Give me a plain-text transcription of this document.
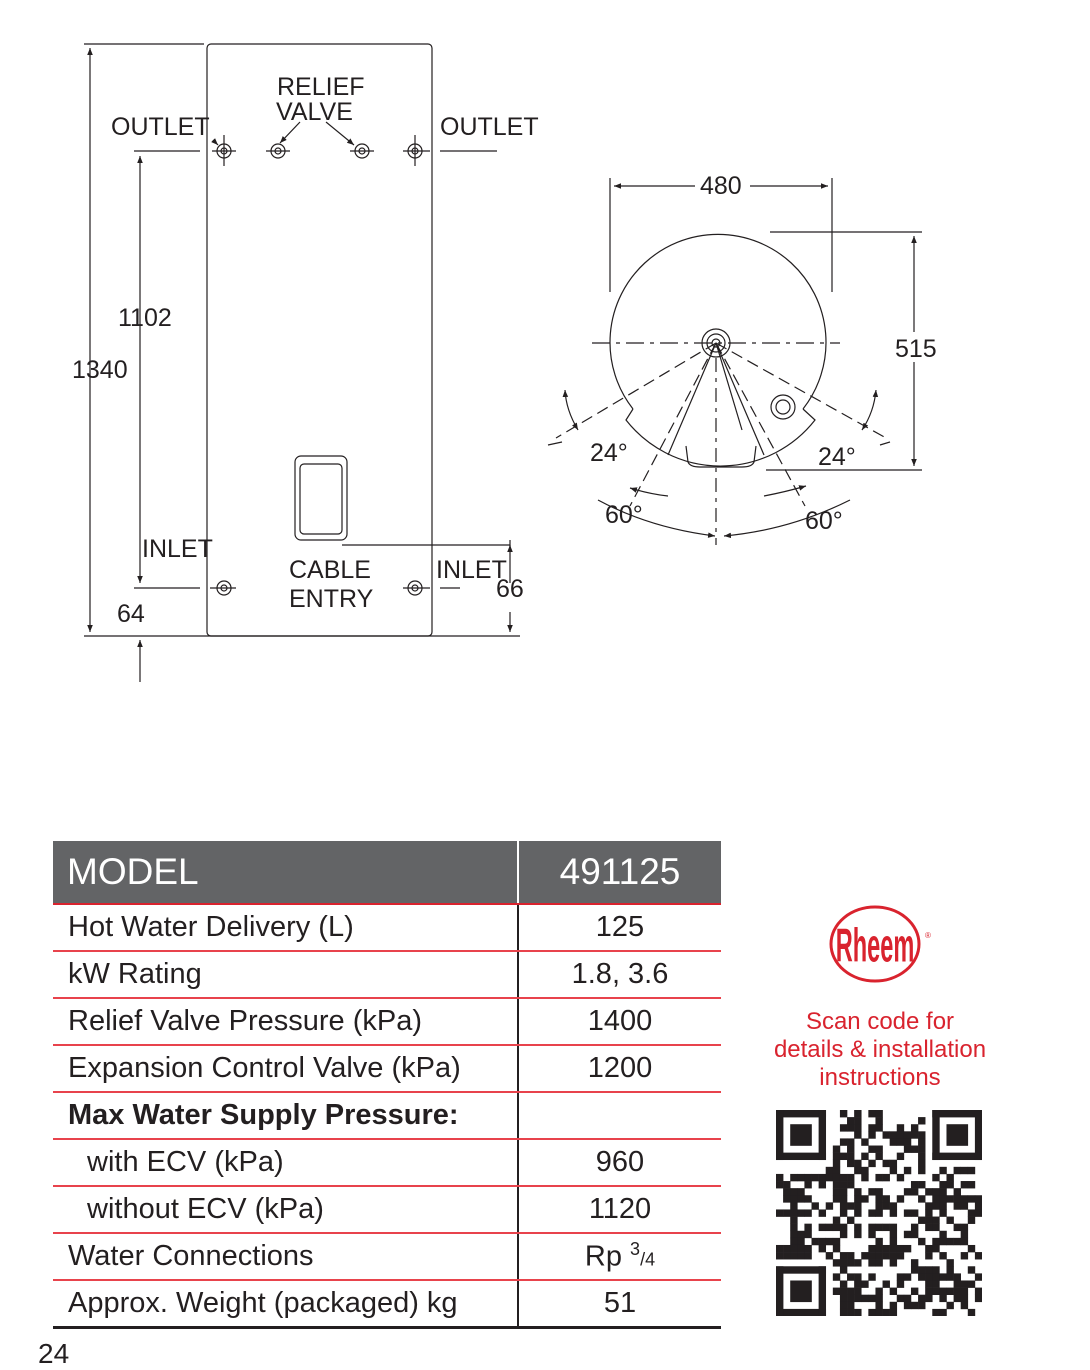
RELIEF
VALVE
OUTLET	OUTLET
INLET
INLET
CABLE
ENTRY
1340
1102
64
66
480
515
24°	24°
60°	60°
MODEL	491125
Hot Water Delivery (L)	125
kW Rating	1.8, 3.6
Relief Valve Pressure (kPa)	1400
Expansion Control Valve (kPa)	1200
Max Water Supply Pressure:	
with ECV (kPa)	960
without ECV (kPa)	1120
Water Connections	Rp $^3$/4
Approx. Weight (packaged) kg	51
Rheem ®
Scan code for
details & installation
instructions
24
